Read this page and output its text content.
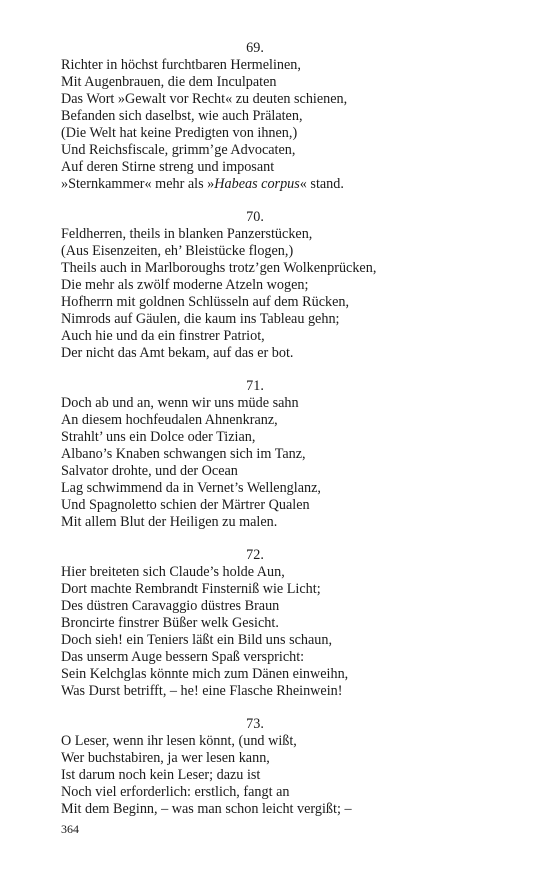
69.
Richter in höchst furchtbaren Hermelinen,
Mit Augenbrauen, die dem Inculpaten
Das Wort »Gewalt vor Recht« zu deuten schienen,
Befanden sich daselbst, wie auch Prälaten,
(Die Welt hat keine Predigten von ihnen,)
Und Reichsfiscale, grimm’ge Advocaten,
Auf deren Stirne streng und imposant
»Sternkammer« mehr als »Habeas corpus« stand.
70.
Feldherren, theils in blanken Panzerstücken,
(Aus Eisenzeiten, eh’ Bleistücke flogen,)
Theils auch in Marlboroughs trotz’gen Wolkenprücken,
Die mehr als zwölf moderne Atzeln wogen;
Hofherrn mit goldnen Schlüsseln auf dem Rücken,
Nimrods auf Gäulen, die kaum ins Tableau gehn;
Auch hie und da ein finstrer Patriot,
Der nicht das Amt bekam, auf das er bot.
71.
Doch ab und an, wenn wir uns müde sahn
An diesem hochfeudalen Ahnenkranz,
Strahlt’ uns ein Dolce oder Tizian,
Albano’s Knaben schwangen sich im Tanz,
Salvator drohte, und der Ocean
Lag schwimmend da in Vernet’s Wellenglanz,
Und Spagnoletto schien der Märtrer Qualen
Mit allem Blut der Heiligen zu malen.
72.
Hier breiteten sich Claude’s holde Aun,
Dort machte Rembrandt Finsterniß wie Licht;
Des düstren Caravaggio düstres Braun
Broncirte finstrer Büßer welk Gesicht.
Doch sieh! ein Teniers läßt ein Bild uns schaun,
Das unserm Auge bessern Spaß verspricht:
Sein Kelchglas könnte mich zum Dänen einweihn,
Was Durst betrifft, – he! eine Flasche Rheinwein!
73.
O Leser, wenn ihr lesen könnt, (und wißt,
Wer buchstabiren, ja wer lesen kann,
Ist darum noch kein Leser; dazu ist
Noch viel erforderlich: erstlich, fangt an
Mit dem Beginn, – was man schon leicht vergißt; –
364
